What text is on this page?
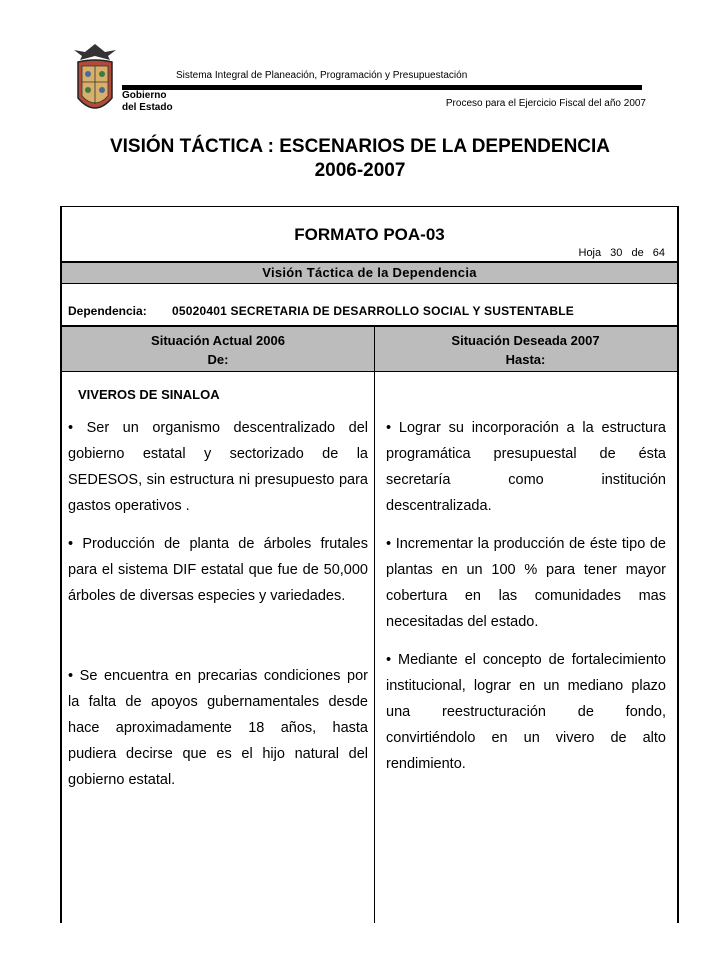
Gobierno
del Estado
Sistema Integral de Planeación, Programación y Presupuestación
Proceso para el Ejercicio Fiscal del año 2007
VISIÓN TÁCTICA : ESCENARIOS DE LA DEPENDENCIA
2006-2007
FORMATO POA-03
Hoja 30 de 64
Visión Táctica de la Dependencia
Dependencia: 05020401 SECRETARIA DE DESARROLLO SOCIAL Y SUSTENTABLE
Situación Actual 2006
De:
Situación Deseada 2007
Hasta:
VIVEROS DE SINALOA

• Ser un organismo descentralizado del gobierno estatal y sectorizado de la SEDESOS, sin estructura ni presupuesto para gastos operativos .

• Producción de planta de árboles frutales para el sistema DIF estatal que fue de 50,000 árboles de diversas especies y variedades.

• Se encuentra en precarias condiciones por la falta de apoyos gubernamentales desde hace aproximadamente 18 años, hasta pudiera decirse que es el hijo natural del gobierno estatal.

• Lograr su incorporación a la estructura programática presupuestal de ésta secretaría como institución descentralizada.

• Incrementar la producción de éste tipo de plantas en un 100 % para tener mayor cobertura en las comunidades mas necesitadas del estado.

• Mediante el concepto de fortalecimiento institucional, lograr en un mediano plazo una reestructuración de fondo, convirtiéndolo en un vivero de alto rendimiento.
